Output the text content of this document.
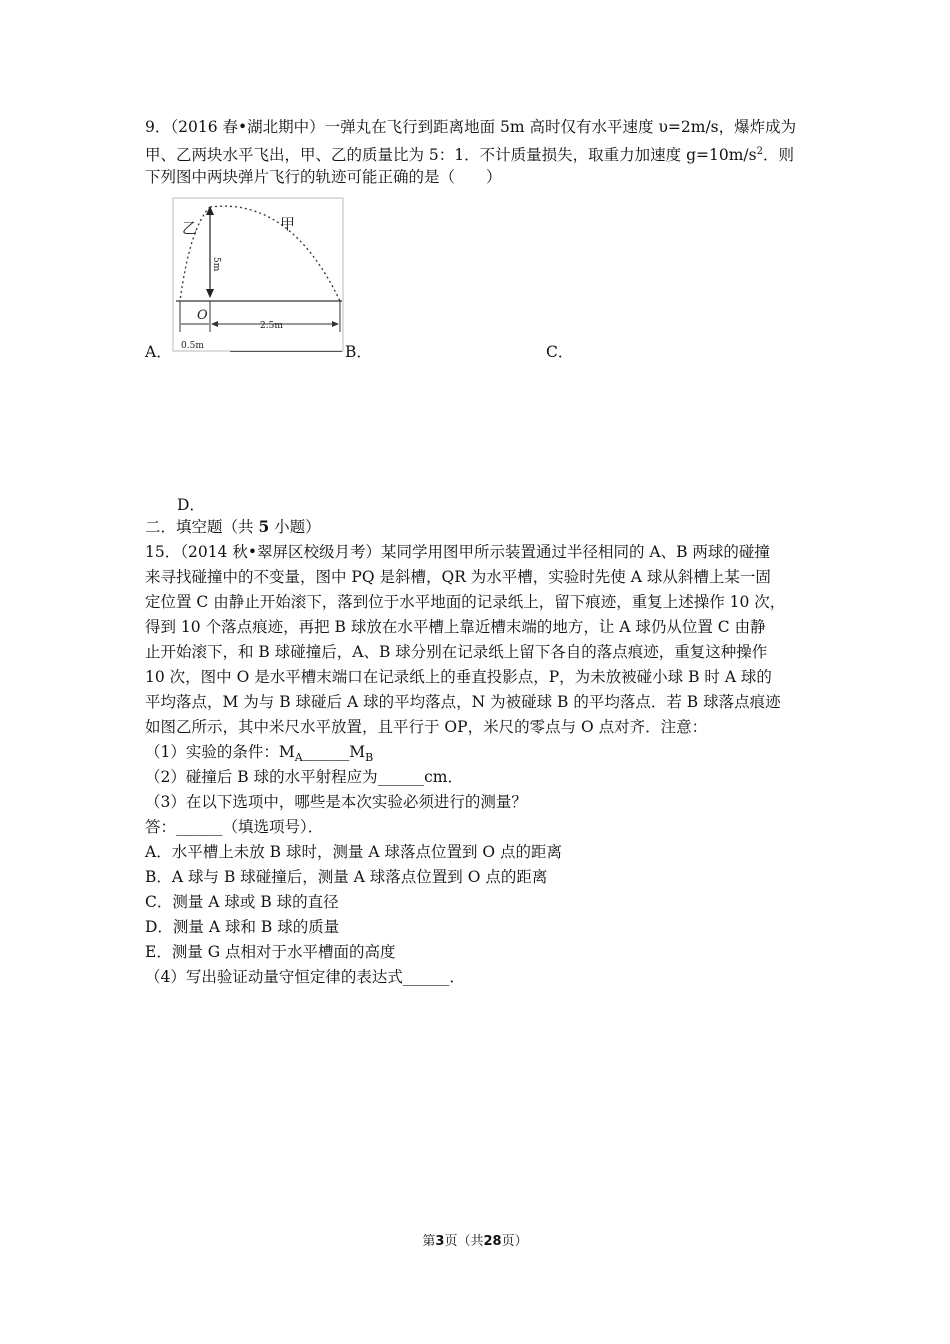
9．（2016 春•湖北期中）一弹丸在飞行到距离地面 5m 高时仅有水平速度 υ=2m/s，爆炸成为
甲、乙两块水平飞出，甲、乙的质量比为 5：1．不计质量损失，取重力加速度 $g=10m/s^2$．则
下列图中两块弹片飞行的轨迹可能正确的是（　　）
乙	甲
5m
O
2.5m
0.5m
A．	B．	C．
D．
二．填空题（共 5 小题）
15．（2014 秋•翠屏区校级月考）某同学用图甲所示装置通过半径相同的 A、B 两球的碰撞
来寻找碰撞中的不变量，图中 PQ 是斜槽，QR 为水平槽，实验时先使 A 球从斜槽上某一固
定位置 C 由静止开始滚下，落到位于水平地面的记录纸上，留下痕迹，重复上述操作 10 次，
得到 10 个落点痕迹，再把 B 球放在水平槽上靠近槽末端的地方，让 A 球仍从位置 C 由静
止开始滚下，和 B 球碰撞后，A、B 球分别在记录纸上留下各自的落点痕迹，重复这种操作
10 次，图中 O 是水平槽末端口在记录纸上的垂直投影点，P，为未放被碰小球 B 时 A 球的
平均落点，M 为与 B 球碰后 A 球的平均落点，N 为被碰球 B 的平均落点．若 B 球落点痕迹
如图乙所示，其中米尺水平放置，且平行于 OP，米尺的零点与 O 点对齐．注意：
（1）实验的条件：$M_A\_\_\_\_\_\_M_B$
（2）碰撞后 B 球的水平射程应为______cm．
（3）在以下选项中，哪些是本次实验必须进行的测量？
答：______（填选项号）．
A．水平槽上未放 B 球时，测量 A 球落点位置到 O 点的距离
B．A 球与 B 球碰撞后，测量 A 球落点位置到 O 点的距离
C．测量 A 球或 B 球的直径
D．测量 A 球和 B 球的质量
E．测量 G 点相对于水平槽面的高度
（4）写出验证动量守恒定律的表达式______．
第3页（共28页）
